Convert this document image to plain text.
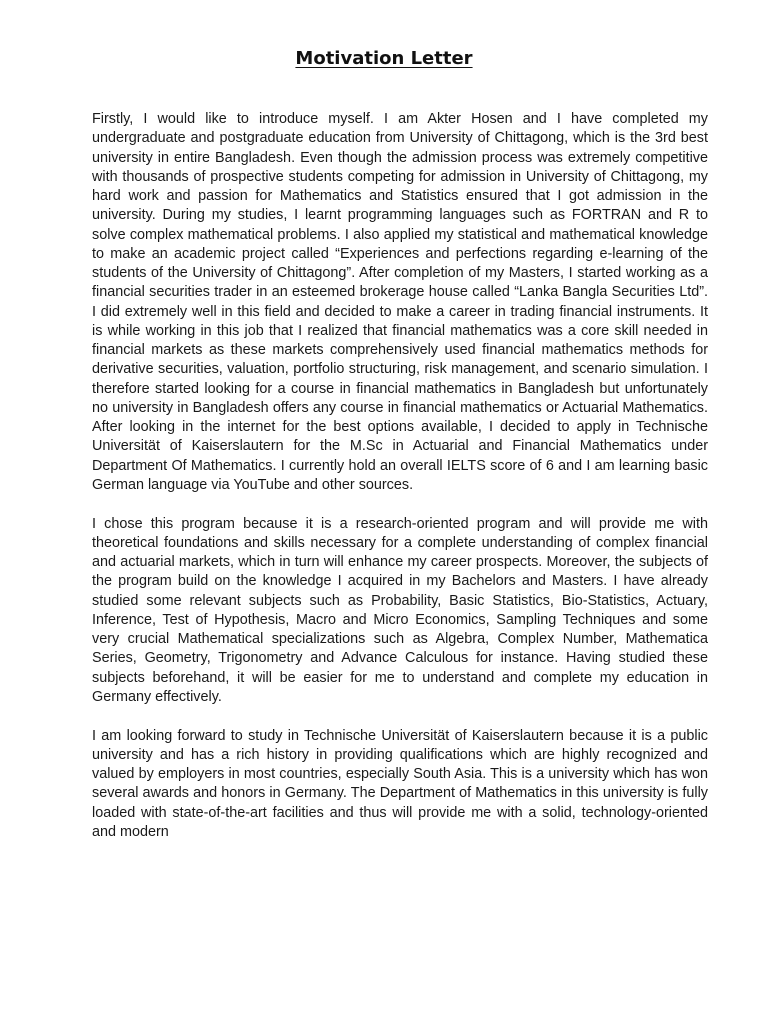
Motivation Letter

Firstly, I would like to introduce myself. I am Akter Hosen and I have completed my undergraduate and postgraduate education from University of Chittagong, which is the 3rd best university in entire Bangladesh. Even though the admission process was extremely competitive with thousands of prospective students competing for admission in University of Chittagong, my hard work and passion for Mathematics and Statistics ensured that I got admission in the university. During my studies, I learnt programming languages such as FORTRAN and R to solve complex mathematical problems. I also applied my statistical and mathematical knowledge to make an academic project called “Experiences and perfections regarding e-learning of the students of the University of Chittagong”. After completion of my Masters, I started working as a financial securities trader in an esteemed brokerage house called “Lanka Bangla Securities Ltd”. I did extremely well in this field and decided to make a career in trading financial instruments. It is while working in this job that I realized that financial mathematics was a core skill needed in financial markets as these markets comprehensively used financial mathematics methods for derivative securities, valuation, portfolio structuring, risk management, and scenario simulation. I therefore started looking for a course in financial mathematics in Bangladesh but unfortunately no university in Bangladesh offers any course in financial mathematics or Actuarial Mathematics. After looking in the internet for the best options available, I decided to apply in Technische Universität of Kaiserslautern for the M.Sc in Actuarial and Financial Mathematics under Department Of Mathematics. I currently hold an overall IELTS score of 6 and I am learning basic German language via YouTube and other sources.

I chose this program because it is a research-oriented program and will provide me with theoretical foundations and skills necessary for a complete understanding of complex financial and actuarial markets, which in turn will enhance my career prospects. Moreover, the subjects of the program build on the knowledge I acquired in my Bachelors and Masters. I have already studied some relevant subjects such as Probability, Basic Statistics, Bio-Statistics, Actuary, Inference, Test of Hypothesis, Macro and Micro Economics, Sampling Techniques and some very crucial Mathematical specializations such as Algebra, Complex Number, Mathematica Series, Geometry, Trigonometry and Advance Calculous for instance. Having studied these subjects beforehand, it will be easier for me to understand and complete my education in Germany effectively.

I am looking forward to study in Technische Universität of Kaiserslautern because it is a public university and has a rich history in providing qualifications which are highly recognized and valued by employers in most countries, especially South Asia. This is a university which has won several awards and honors in Germany. The Department of Mathematics in this university is fully loaded with state-of-the-art facilities and thus will provide me with a solid, technology-oriented and modern
